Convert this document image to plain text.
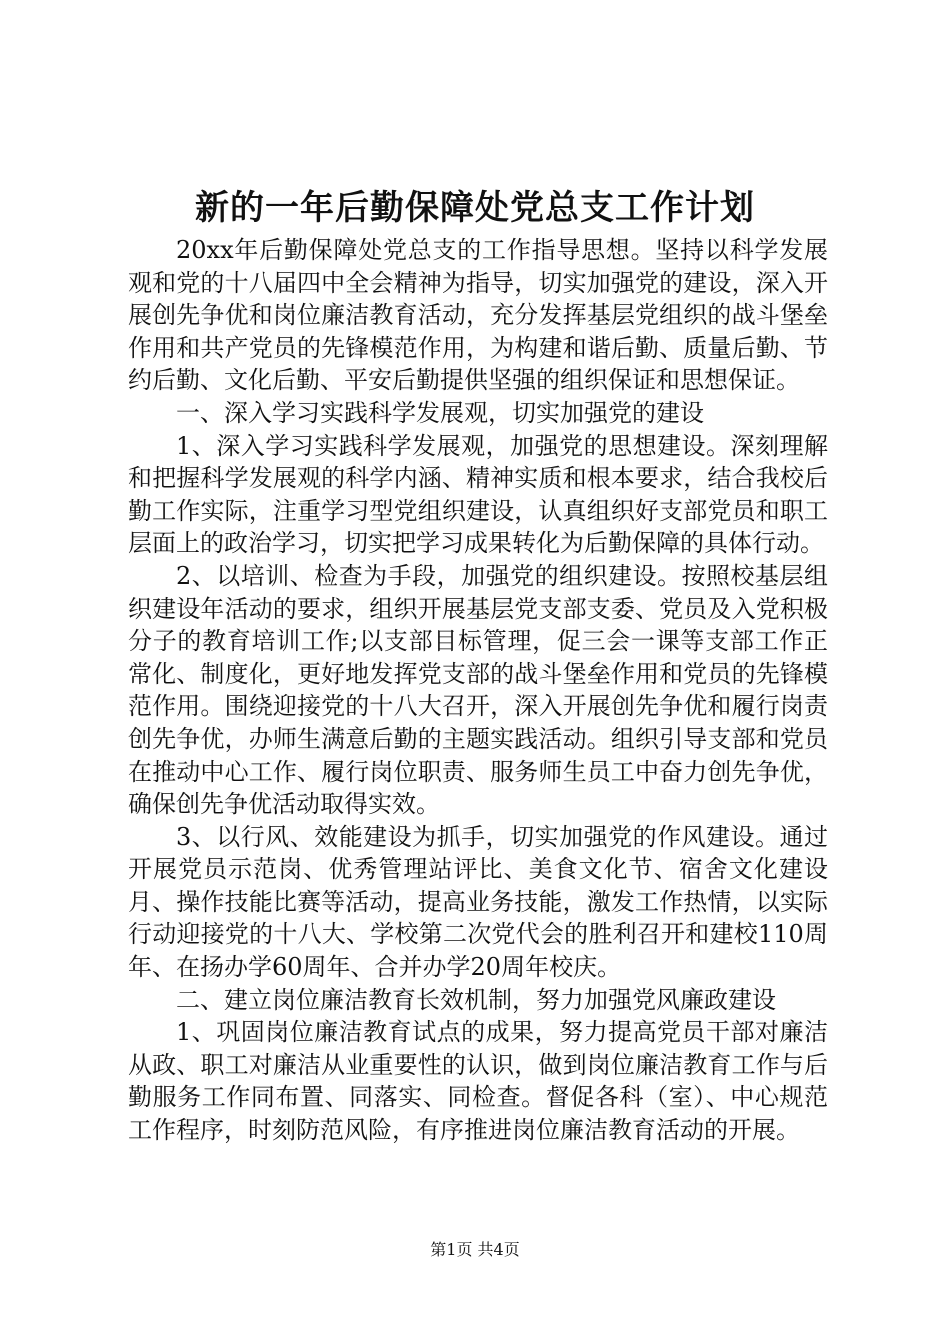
新的一年后勤保障处党总支工作计划

20xx年后勤保障处党总支的工作指导思想。坚持以科学发展观和党的十八届四中全会精神为指导，切实加强党的建设，深入开展创先争优和岗位廉洁教育活动，充分发挥基层党组织的战斗堡垒作用和共产党员的先锋模范作用，为构建和谐后勤、质量后勤、节约后勤、文化后勤、平安后勤提供坚强的组织保证和思想保证。

一、深入学习实践科学发展观，切实加强党的建设

1、深入学习实践科学发展观，加强党的思想建设。深刻理解和把握科学发展观的科学内涵、精神实质和根本要求，结合我校后勤工作实际，注重学习型党组织建设，认真组织好支部党员和职工层面上的政治学习，切实把学习成果转化为后勤保障的具体行动。

2、以培训、检查为手段，加强党的组织建设。按照校基层组织建设年活动的要求，组织开展基层党支部支委、党员及入党积极分子的教育培训工作;以支部目标管理，促三会一课等支部工作正常化、制度化，更好地发挥党支部的战斗堡垒作用和党员的先锋模范作用。围绕迎接党的十八大召开，深入开展创先争优和履行岗责创先争优，办师生满意后勤的主题实践活动。组织引导支部和党员在推动中心工作、履行岗位职责、服务师生员工中奋力创先争优，确保创先争优活动取得实效。

3、以行风、效能建设为抓手，切实加强党的作风建设。通过开展党员示范岗、优秀管理站评比、美食文化节、宿舍文化建设月、操作技能比赛等活动，提高业务技能，激发工作热情，以实际行动迎接党的十八大、学校第二次党代会的胜利召开和建校110周年、在扬办学60周年、合并办学20周年校庆。

二、建立岗位廉洁教育长效机制，努力加强党风廉政建设

1、巩固岗位廉洁教育试点的成果，努力提高党员干部对廉洁从政、职工对廉洁从业重要性的认识，做到岗位廉洁教育工作与后勤服务工作同布置、同落实、同检查。督促各科（室）、中心规范工作程序，时刻防范风险，有序推进岗位廉洁教育活动的开展。

第1页 共4页
